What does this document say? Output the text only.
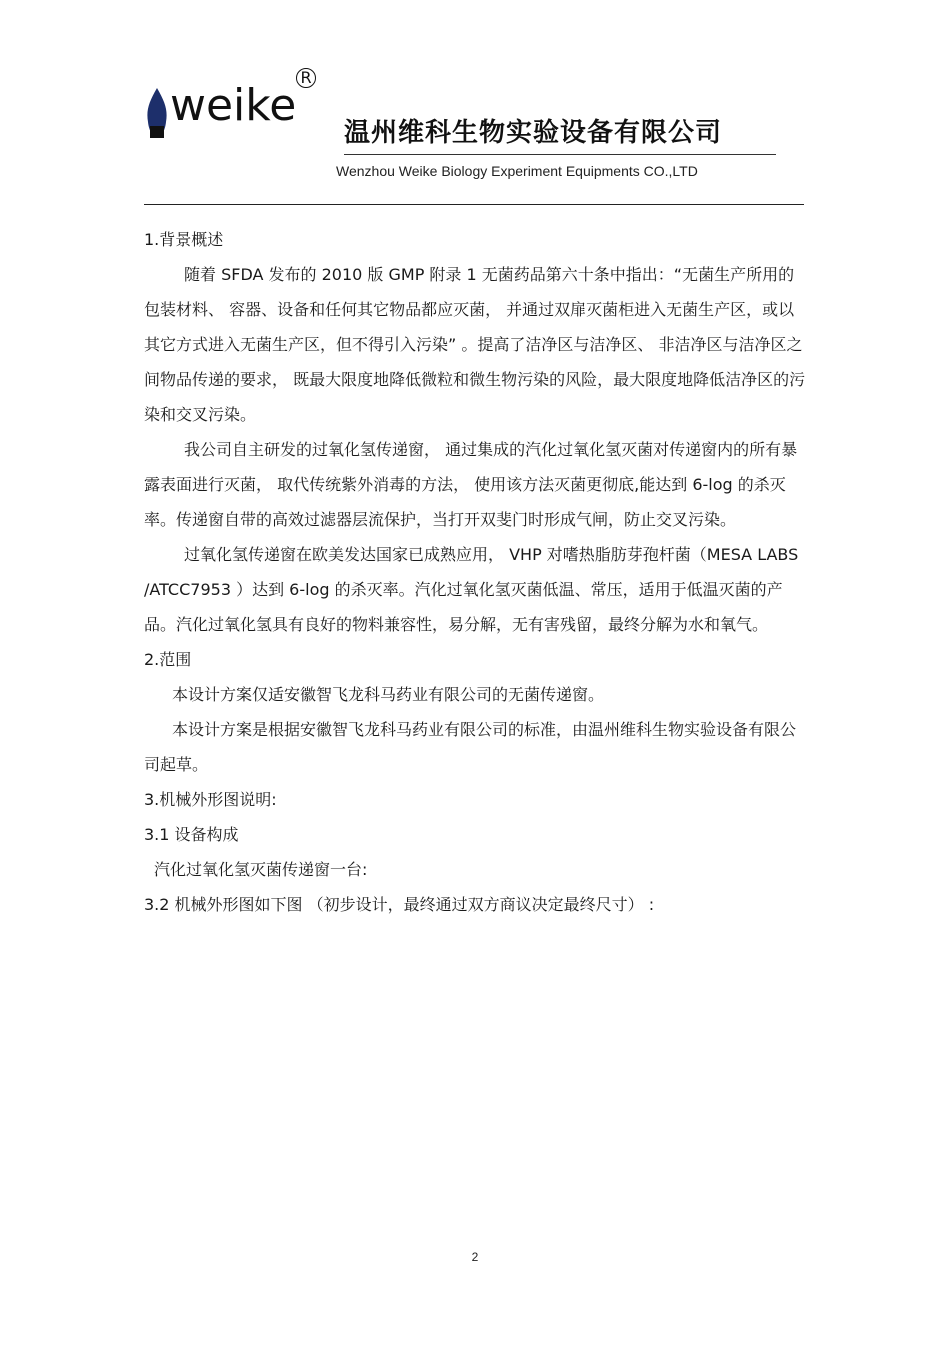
weike
R
温州维科生物实验设备有限公司
Wenzhou Weike Biology Experiment Equipments CO.,LTD

1.背景概述

随着 SFDA 发布的 2010 版 GMP 附录 1 无菌药品第六十条中指出：“无菌生产所用的包装材料、 容器、设备和任何其它物品都应灭菌， 并通过双扉灭菌柜进入无菌生产区，或以其它方式进入无菌生产区，但不得引入污染” 。提高了洁净区与洁净区、 非洁净区与洁净区之间物品传递的要求， 既最大限度地降低微粒和微生物污染的风险，最大限度地降低洁净区的污染和交叉污染。

我公司自主研发的过氧化氢传递窗， 通过集成的汽化过氧化氢灭菌对传递窗内的所有暴露表面进行灭菌， 取代传统紫外消毒的方法， 使用该方法灭菌更彻底,能达到 6-log 的杀灭率。传递窗自带的高效过滤器层流保护，当打开双斐门时形成气闸，防止交叉污染。

过氧化氢传递窗在欧美发达国家已成熟应用， VHP 对嗜热脂肪芽孢杆菌（MESA LABS /ATCC7953 ）达到 6-log 的杀灭率。汽化过氧化氢灭菌低温、常压，适用于低温灭菌的产品。汽化过氧化氢具有良好的物料兼容性，易分解，无有害残留，最终分解为水和氧气。

2.范围

本设计方案仅适安徽智飞龙科马药业有限公司的无菌传递窗。

本设计方案是根据安徽智飞龙科马药业有限公司的标准，由温州维科生物实验设备有限公司起草。

3.机械外形图说明:

3.1 设备构成

汽化过氧化氢灭菌传递窗一台:

3.2 机械外形图如下图 （初步设计，最终通过双方商议决定最终尺寸） :

2
